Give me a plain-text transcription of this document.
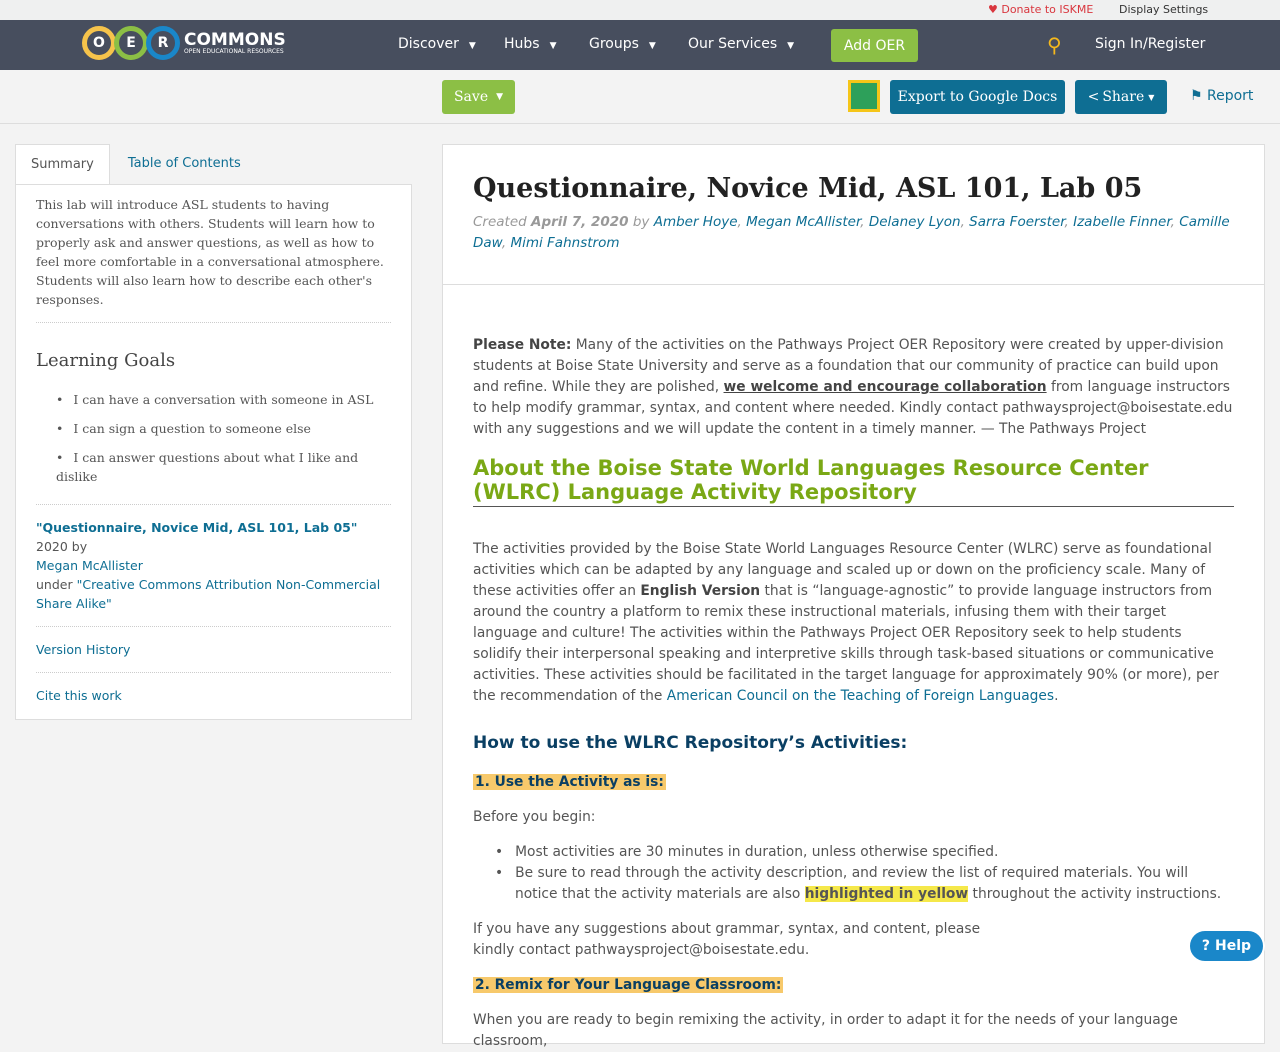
♥ Donate to ISKME Display Settings
O	E	R COMMONS
OPEN EDUCATIONAL RESOURCES	Discover ▼ Hubs ▼ Groups ▼ Our Services ▼	Add OER	⚲ Sign In/Register
Save ▼	Export to Google Docs	< Share ▼	⚑ Report
Summary	Table of Contents

This lab will introduce ASL students to having conversations with others. Students will learn how to properly ask and answer questions, as well as how to feel more comfortable in a conversational atmosphere. Students will also learn how to describe each other's responses.

Learning Goals
• I can have a conversation with someone in ASL
• I can sign a question to someone else
• I can answer questions about what I like and dislike

"Questionnaire, Novice Mid, ASL 101, Lab 05" 2020 by
Megan McAllister
under "Creative Commons Attribution Non-Commercial Share Alike"

Version History

Cite this work

Questionnaire, Novice Mid, ASL 101, Lab 05
Created April 7, 2020 by Amber Hoye, Megan McAllister, Delaney Lyon, Sarra Foerster, Izabelle Finner, Camille Daw, Mimi Fahnstrom

Please Note: Many of the activities on the Pathways Project OER Repository were created by upper-division students at Boise State University and serve as a foundation that our community of practice can build upon and refine. While they are polished, we welcome and encourage collaboration from language instructors to help modify grammar, syntax, and content where needed. Kindly contact pathwaysproject@boisestate.edu with any suggestions and we will update the content in a timely manner. — The Pathways Project

About the Boise State World Languages Resource Center (WLRC) Language Activity Repository

The activities provided by the Boise State World Languages Resource Center (WLRC) serve as foundational activities which can be adapted by any language and scaled up or down on the proficiency scale. Many of these activities offer an English Version that is “language-agnostic” to provide language instructors from around the country a platform to remix these instructional materials, infusing them with their target language and culture! The activities within the Pathways Project OER Repository seek to help students solidify their interpersonal speaking and interpretive skills through task-based situations or communicative activities. These activities should be facilitated in the target language for approximately 90% (or more), per the recommendation of the American Council on the Teaching of Foreign Languages.

How to use the WLRC Repository’s Activities:

1. Use the Activity as is:

Before you begin:

• Most activities are 30 minutes in duration, unless otherwise specified.
• Be sure to read through the activity description, and review the list of required materials. You will notice that the activity materials are also highlighted in yellow throughout the activity instructions.

If you have any suggestions about grammar, syntax, and content, please kindly contact pathwaysproject@boisestate.edu.

2. Remix for Your Language Classroom:

When you are ready to begin remixing the activity, in order to adapt it for the needs of your language classroom,

? Help
